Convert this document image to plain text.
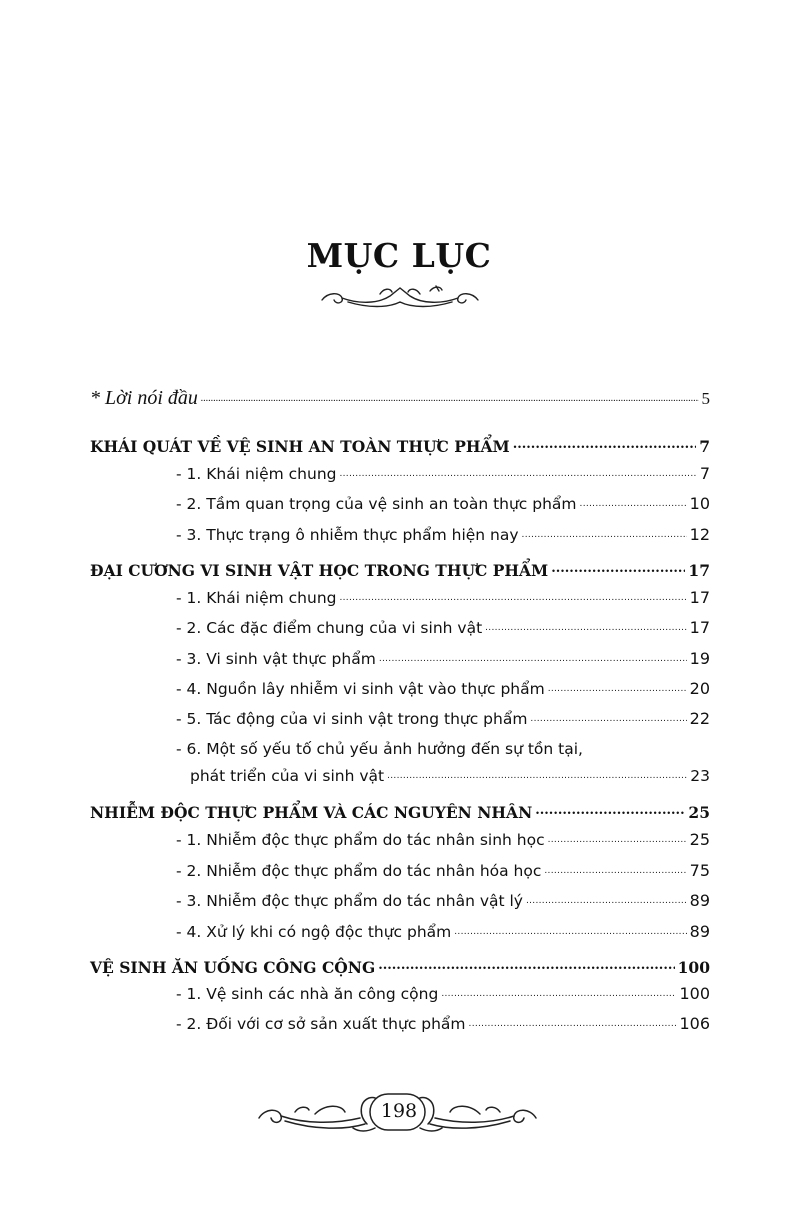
MỤC LỤC
* Lời nói đầu .....	5
KHÁI QUÁT VỀ VỆ SINH AN TOÀN THỰC PHẨM .....	7
- 1. Khái niệm chung .....	7
- 2. Tầm quan trọng của vệ sinh an toàn thực phẩm .....	10
- 3. Thực trạng ô nhiễm thực phẩm hiện nay .....	12
ĐẠI CƯƠNG VI SINH VẬT HỌC TRONG THỰC PHẨM .....	17
- 1. Khái niệm chung .....	17
- 2. Các đặc điểm chung của vi sinh vật .....	17
- 3. Vi sinh vật thực phẩm .....	19
- 4. Nguồn lây nhiễm vi sinh vật vào thực phẩm .....	20
- 5. Tác động của vi sinh vật trong thực phẩm .....	22
- 6. Một số yếu tố chủ yếu ảnh hưởng đến sự tồn tại,
phát triển của vi sinh vật .....	23
NHIỄM ĐỘC THỰC PHẨM VÀ CÁC NGUYÊN NHÂN .....	25
- 1. Nhiễm độc thực phẩm do tác nhân sinh học .....	25
- 2. Nhiễm độc thực phẩm do tác nhân hóa học .....	75
- 3. Nhiễm độc thực phẩm do tác nhân vật lý .....	89
- 4. Xử lý khi có ngộ độc thực phẩm .....	89
VỆ SINH ĂN UỐNG CÔNG CỘNG .....	100
- 1. Vệ sinh các nhà ăn công cộng .....	100
- 2. Đối với cơ sở sản xuất thực phẩm .....	106
198
